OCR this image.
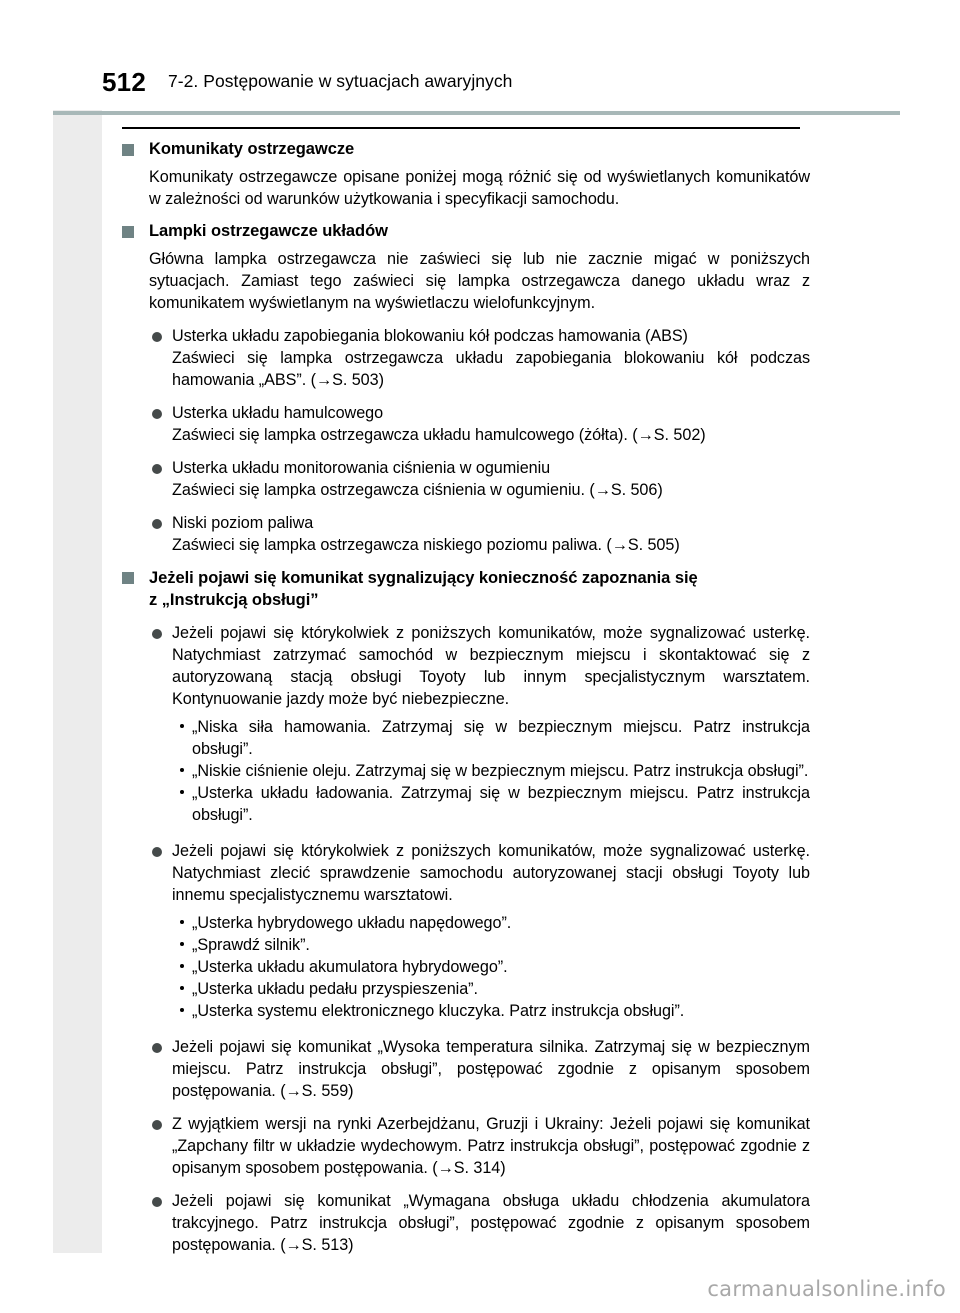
512 7-2. Postępowanie w sytuacjach awaryjnych
Komunikaty ostrzegawcze
Komunikaty ostrzegawcze opisane poniżej mogą różnić się od wyświetlanych komunikatów w zależności od warunków użytkowania i specyfikacji samochodu.
Lampki ostrzegawcze układów
Główna lampka ostrzegawcza nie zaświeci się lub nie zacznie migać w poniższych sytuacjach. Zamiast tego zaświeci się lampka ostrzegawcza danego układu wraz z komunikatem wyświetlanym na wyświetlaczu wielofunkcyjnym.
Usterka układu zapobiegania blokowaniu kół podczas hamowania (ABS)
Zaświeci się lampka ostrzegawcza układu zapobiegania blokowaniu kół podczas hamowania „ABS”. (→S. 503)
Usterka układu hamulcowego
Zaświeci się lampka ostrzegawcza układu hamulcowego (żółta). (→S. 502)
Usterka układu monitorowania ciśnienia w ogumieniu
Zaświeci się lampka ostrzegawcza ciśnienia w ogumieniu. (→S. 506)
Niski poziom paliwa
Zaświeci się lampka ostrzegawcza niskiego poziomu paliwa. (→S. 505)
Jeżeli pojawi się komunikat sygnalizujący konieczność zapoznania się
z „Instrukcją obsługi”
Jeżeli pojawi się którykolwiek z poniższych komunikatów, może sygnalizować usterkę. Natychmiast zatrzymać samochód w bezpiecznym miejscu i skontaktować się z autoryzowaną stacją obsługi Toyoty lub innym specjalistycznym warsztatem. Kontynuowanie jazdy może być niebezpieczne.
„Niska siła hamowania. Zatrzymaj się w bezpiecznym miejscu. Patrz instrukcja obsługi”.
„Niskie ciśnienie oleju. Zatrzymaj się w bezpiecznym miejscu. Patrz instrukcja obsługi”.
„Usterka układu ładowania. Zatrzymaj się w bezpiecznym miejscu. Patrz instrukcja obsługi”.
Jeżeli pojawi się którykolwiek z poniższych komunikatów, może sygnalizować usterkę. Natychmiast zlecić sprawdzenie samochodu autoryzowanej stacji obsługi Toyoty lub innemu specjalistycznemu warsztatowi.
„Usterka hybrydowego układu napędowego”.
„Sprawdź silnik”.
„Usterka układu akumulatora hybrydowego”.
„Usterka układu pedału przyspieszenia”.
„Usterka systemu elektronicznego kluczyka. Patrz instrukcja obsługi”.
Jeżeli pojawi się komunikat „Wysoka temperatura silnika. Zatrzymaj się w bezpiecznym miejscu. Patrz instrukcja obsługi”, postępować zgodnie z opisanym sposobem postępowania. (→S. 559)
Z wyjątkiem wersji na rynki Azerbejdżanu, Gruzji i Ukrainy: Jeżeli pojawi się komunikat „Zapchany filtr w układzie wydechowym. Patrz instrukcja obsługi”, postępować zgodnie z opisanym sposobem postępowania. (→S. 314)
Jeżeli pojawi się komunikat „Wymagana obsługa układu chłodzenia akumulatora trakcyjnego. Patrz instrukcja obsługi”, postępować zgodnie z opisanym sposobem postępowania. (→S. 513)
carmanualsonline.info
